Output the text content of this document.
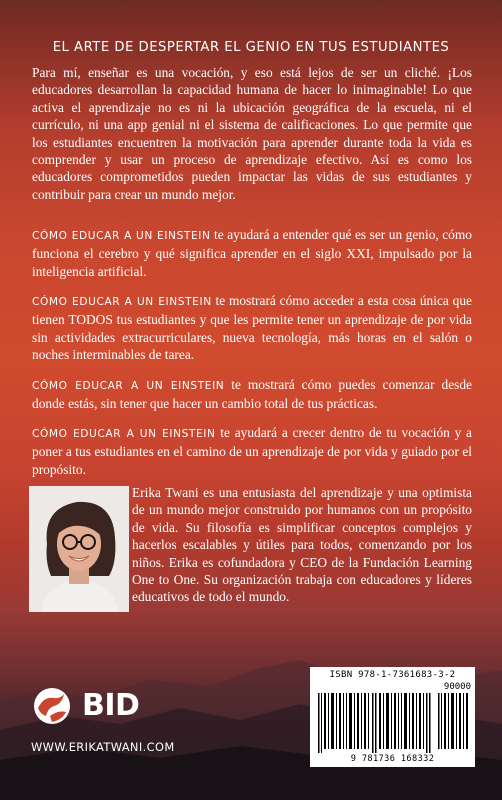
EL ARTE DE DESPERTAR EL GENIO EN TUS ESTUDIANTES

Para mí, enseñar es una vocación, y eso está lejos de ser un cliché. ¡Los educadores desarrollan la capacidad humana de hacer lo inimaginable! Lo que activa el aprendizaje no es ni la ubicación geográfica de la escuela, ni el currículo, ni una app genial ni el sistema de calificaciones. Lo que permite que los estudiantes encuentren la motivación para aprender durante toda la vida es comprender y usar un proceso de aprendizaje efectivo. Así es como los educadores comprometidos pueden impactar las vidas de sus estudiantes y contribuir para crear un mundo mejor.

CÓMO EDUCAR A UN EINSTEIN te ayudará a entender qué es ser un genio, cómo funciona el cerebro y qué significa aprender en el siglo XXI, impulsado por la inteligencia artificial.

CÓMO EDUCAR A UN EINSTEIN te mostrará cómo acceder a esta cosa única que tienen TODOS tus estudiantes y que les permite tener un aprendizaje de por vida sin actividades extracurriculares, nueva tecnología, más horas en el salón o noches interminables de tarea.

CÓMO EDUCAR A UN EINSTEIN te mostrará cómo puedes comenzar desde donde estás, sin tener que hacer un cambio total de tus prácticas.

CÓMO EDUCAR A UN EINSTEIN te ayudará a crecer dentro de tu vocación y a poner a tus estudiantes en el camino de un aprendizaje de por vida y guiado por el propósito.

Erika Twani es una entusiasta del aprendizaje y una optimista de un mundo mejor construido por humanos con un propósito de vida. Su filosofía es simplificar conceptos complejos y hacerlos escalables y útiles para todos, comenzando por los niños. Erika es cofundadora y CEO de la Fundación Learning One to One. Su organización trabaja con educadores y líderes educativos de todo el mundo.

BID
WWW.ERIKATWANI.COM
ISBN 978-1-7361683-3-2
90000
9 781736 168332
